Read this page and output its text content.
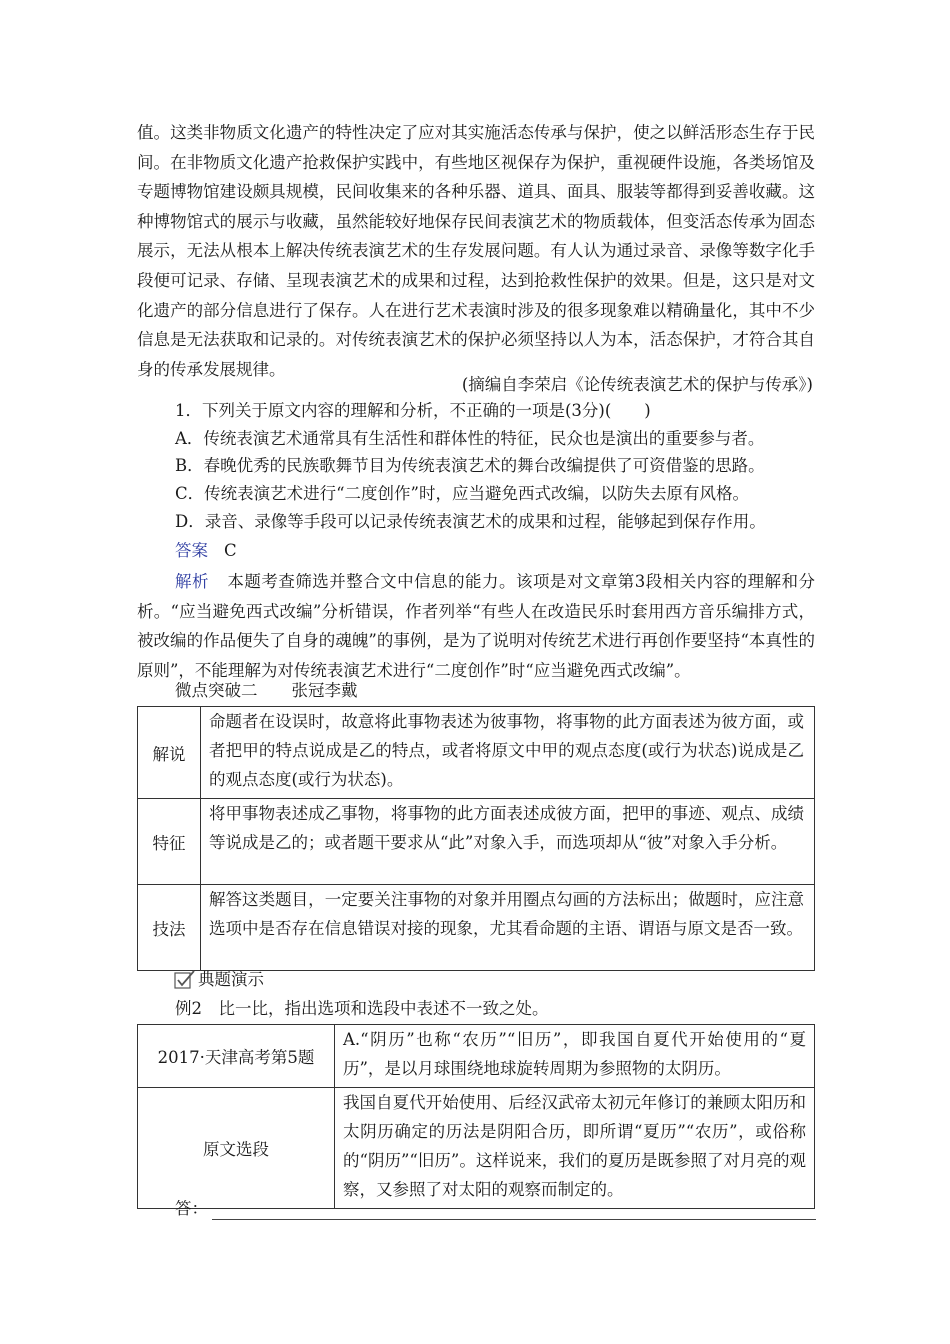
值。这类非物质文化遗产的特性决定了应对其实施活态传承与保护，使之以鲜活形态生存于民间。在非物质文化遗产抢救保护实践中，有些地区视保存为保护，重视硬件设施，各类场馆及专题博物馆建设颇具规模，民间收集来的各种乐器、道具、面具、服装等都得到妥善收藏。这种博物馆式的展示与收藏，虽然能较好地保存民间表演艺术的物质载体，但变活态传承为固态展示，无法从根本上解决传统表演艺术的生存发展问题。有人认为通过录音、录像等数字化手段便可记录、存储、呈现表演艺术的成果和过程，达到抢救性保护的效果。但是，这只是对文化遗产的部分信息进行了保存。人在进行艺术表演时涉及的很多现象难以精确量化，其中不少信息是无法获取和记录的。对传统表演艺术的保护必须坚持以人为本，活态保护，才符合其自身的传承发展规律。

(摘编自李荣启《论传统表演艺术的保护与传承》)
1．下列关于原文内容的理解和分析，不正确的一项是(3分)(　　)
A．传统表演艺术通常具有生活性和群体性的特征，民众也是演出的重要参与者。
B．春晚优秀的民族歌舞节目为传统表演艺术的舞台改编提供了可资借鉴的思路。
C．传统表演艺术进行“二度创作”时，应当避免西式改编，以防失去原有风格。
D．录音、录像等手段可以记录传统表演艺术的成果和过程，能够起到保存作用。
答案 C

解析 本题考查筛选并整合文中信息的能力。该项是对文章第3段相关内容的理解和分析。“应当避免西式改编”分析错误，作者列举“有些人在改造民乐时套用西方音乐编排方式，被改编的作品便失了自身的魂魄”的事例，是为了说明对传统艺术进行再创作要坚持“本真性的原则”，不能理解为对传统表演艺术进行“二度创作”时“应当避免西式改编”。

微点突破二 张冠李戴
解说	命题者在设误时，故意将此事物表述为彼事物，将事物的此方面表述为彼方面，或者把甲的特点说成是乙的特点，或者将原文中甲的观点态度(或行为状态)说成是乙的观点态度(或行为状态)。
特征	将甲事物表述成乙事物，将事物的此方面表述成彼方面，把甲的事迹、观点、成绩等说成是乙的；或者题干要求从“此”对象入手，而选项却从“彼”对象入手分析。
技法	解答这类题目，一定要关注事物的对象并用圈点勾画的方法标出；做题时，应注意选项中是否存在信息错误对接的现象，尤其看命题的主语、谓语与原文是否一致。
典题演示
例2　比一比，指出选项和选段中表述不一致之处。
2017·天津高考第5题	A.“阴历”也称“农历”“旧历”，即我国自夏代开始使用的“夏历”，是以月球围绕地球旋转周期为参照物的太阴历。
原文选段	我国自夏代开始使用、后经汉武帝太初元年修订的兼顾太阳历和太阴历确定的历法是阴阳合历，即所谓“夏历”“农历”，或俗称的“阴历”“旧历”。这样说来，我们的夏历是既参照了对月亮的观察，又参照了对太阳的观察而制定的。
答：
